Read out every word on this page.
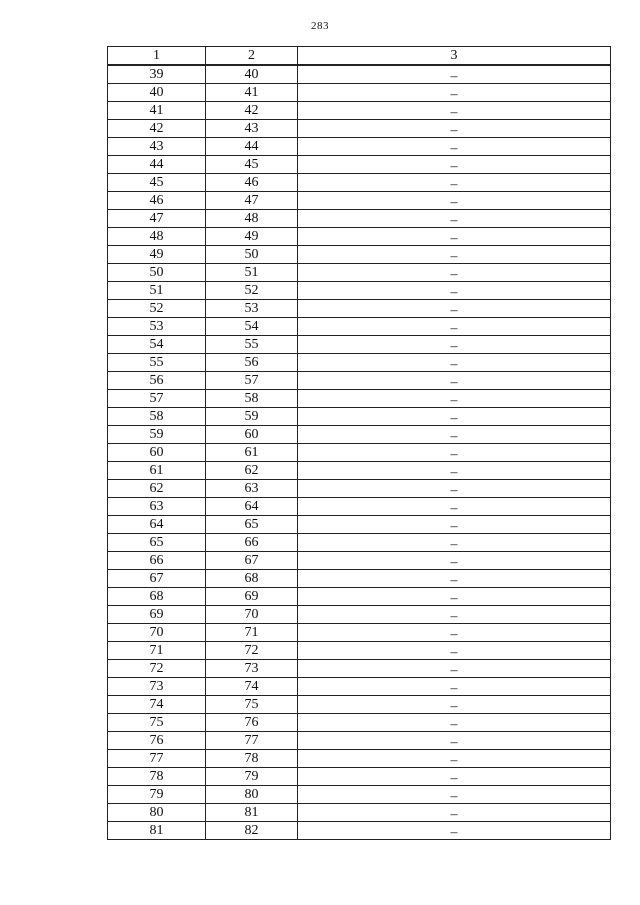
283
1	2	3
39	40	–
40	41	–
41	42	–
42	43	–
43	44	–
44	45	–
45	46	–
46	47	–
47	48	–
48	49	–
49	50	–
50	51	–
51	52	–
52	53	–
53	54	–
54	55	–
55	56	–
56	57	–
57	58	–
58	59	–
59	60	–
60	61	–
61	62	–
62	63	–
63	64	–
64	65	–
65	66	–
66	67	–
67	68	–
68	69	–
69	70	–
70	71	–
71	72	–
72	73	–
73	74	–
74	75	–
75	76	–
76	77	–
77	78	–
78	79	–
79	80	–
80	81	–
81	82	–
